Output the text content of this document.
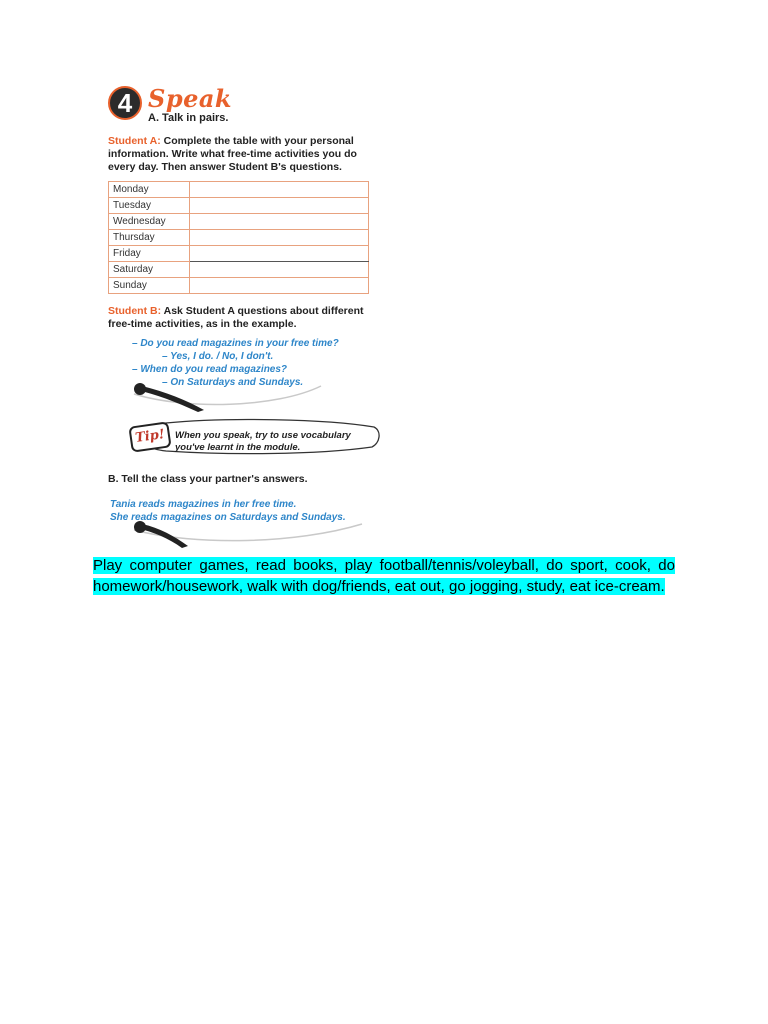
4 Speak
A. Talk in pairs.
Student A: Complete the table with your personal information. Write what free-time activities you do every day. Then answer Student B's questions.
Monday	
Tuesday	
Wednesday	
Thursday	
Friday	
Saturday	
Sunday	
Student B: Ask Student A questions about different free-time activities, as in the example.
– Do you read magazines in your free time?
– Yes, I do. / No, I don't.
– When do you read magazines?
– On Saturdays and Sundays.
Tip! When you speak, try to use vocabulary you've learnt in the module.
B. Tell the class your partner's answers.
Tania reads magazines in her free time.
She reads magazines on Saturdays and Sundays.
Play computer games, read books, play football/tennis/voleyball, do sport, cook, do homework/housework, walk with dog/friends, eat out, go jogging, study, eat ice-cream.
